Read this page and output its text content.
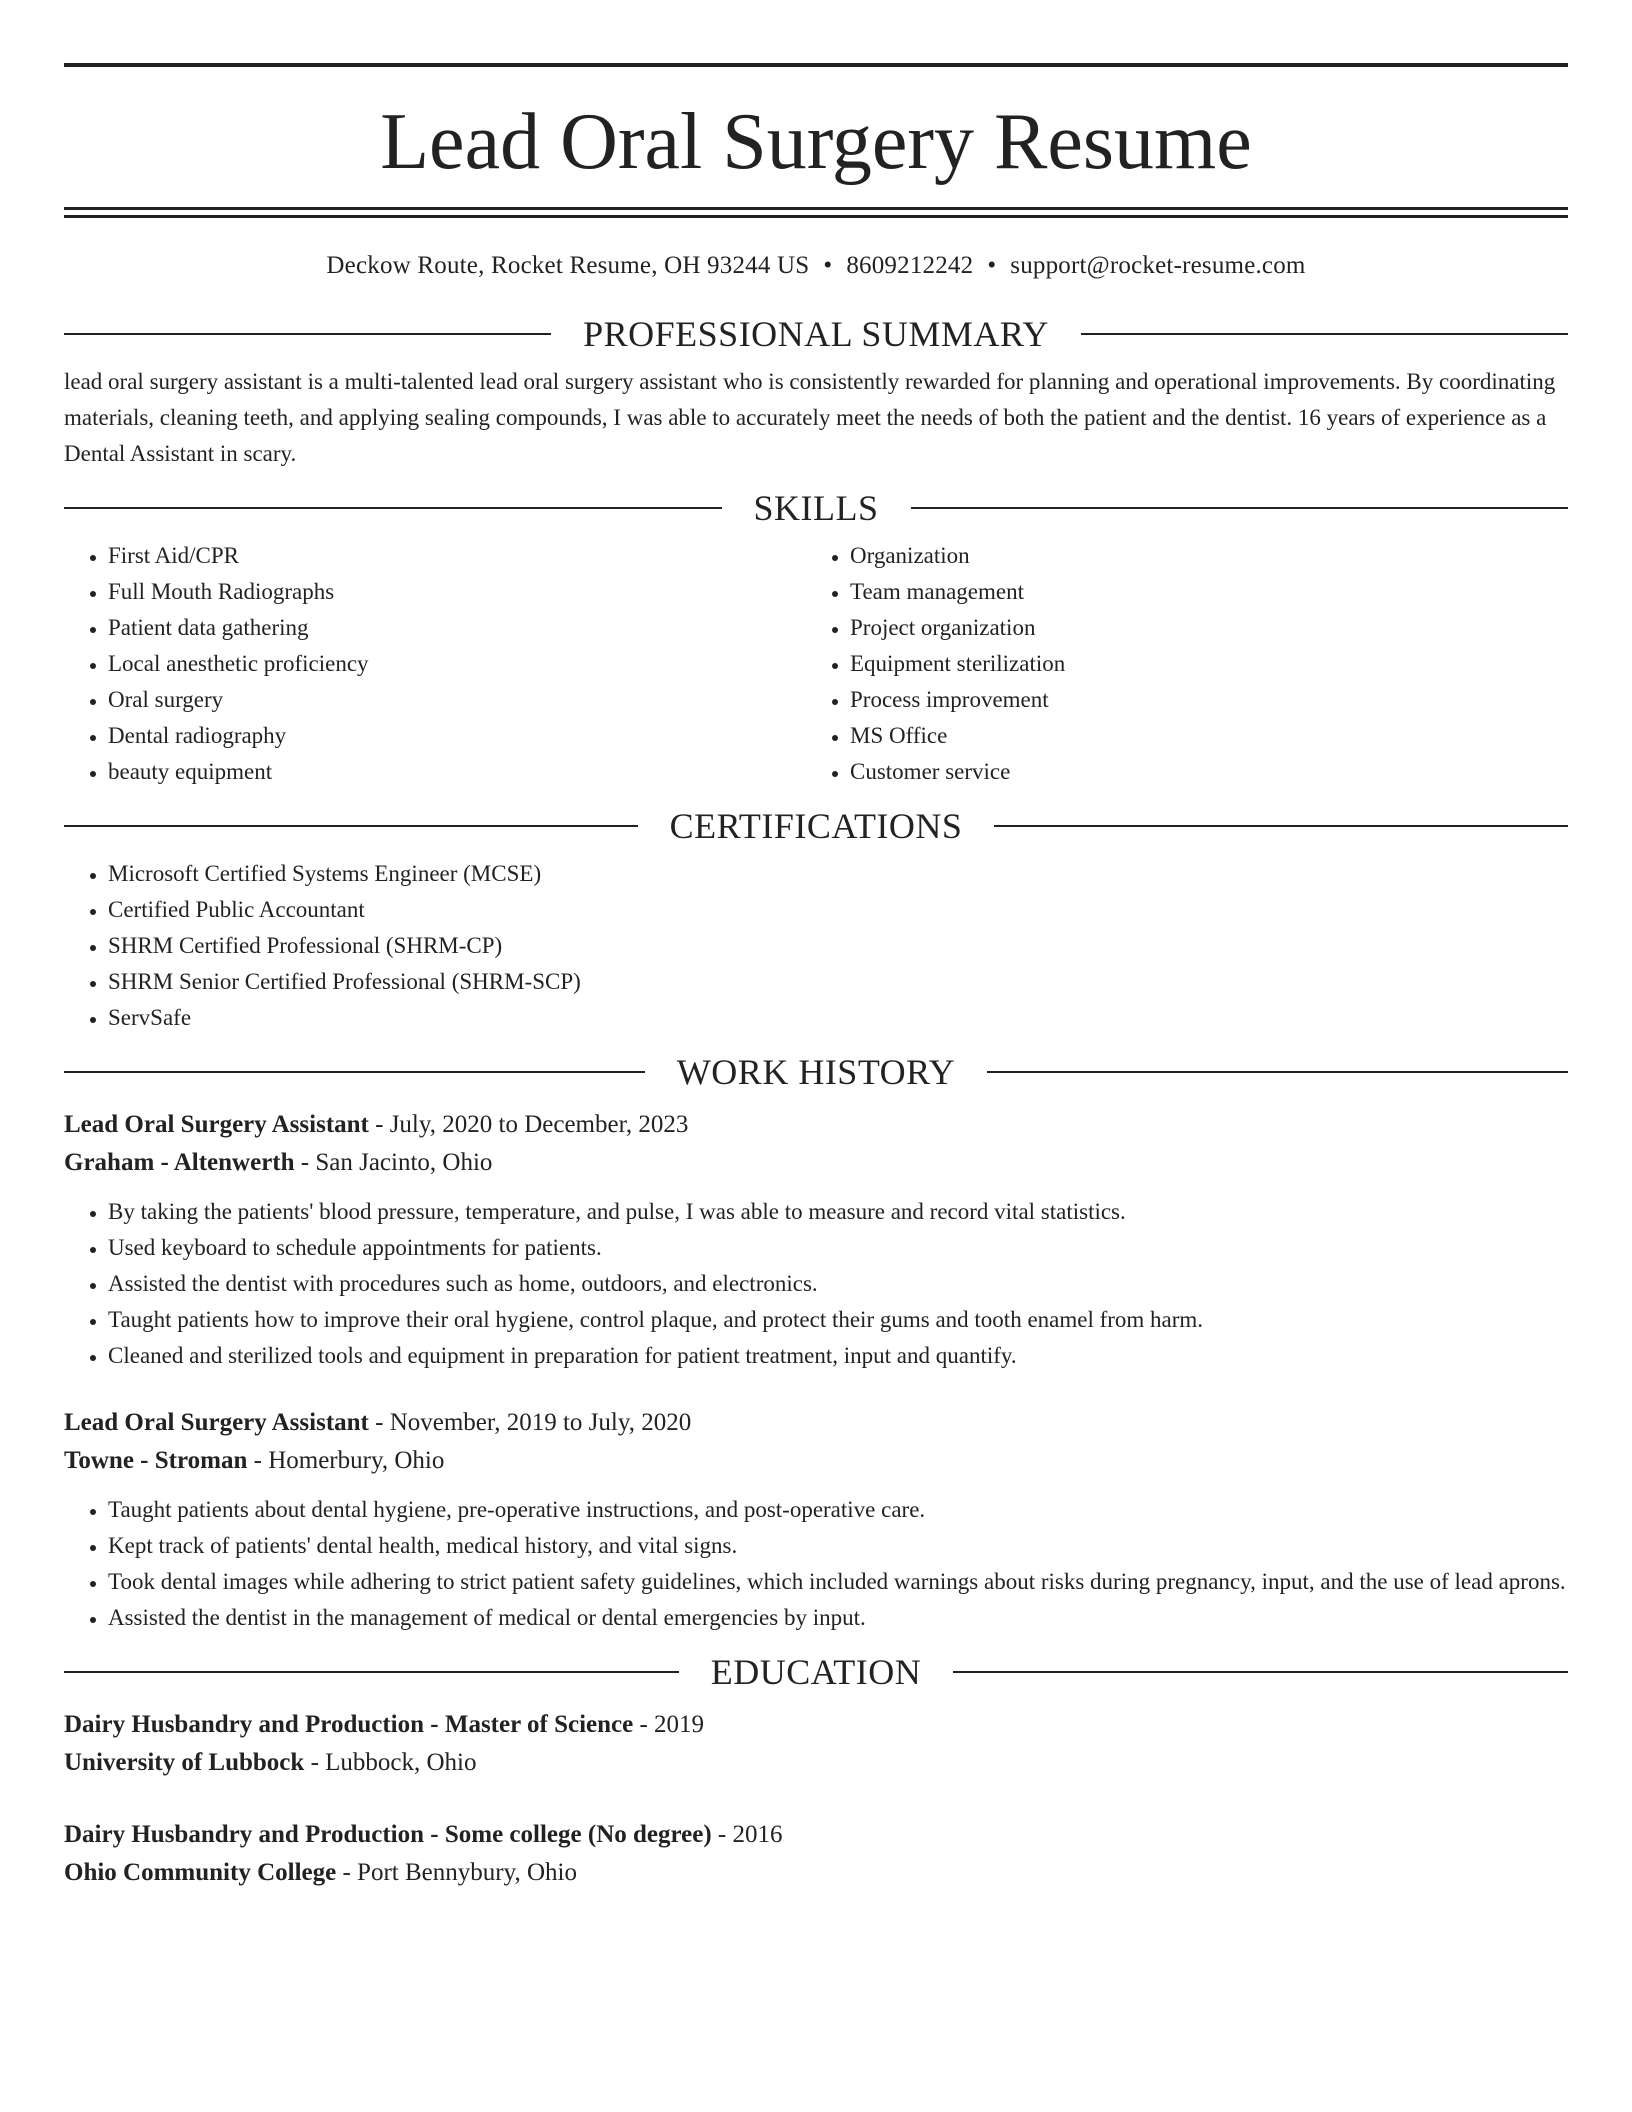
Lead Oral Surgery Resume
Deckow Route, Rocket Resume, OH 93244 US • 8609212242 • support@rocket-resume.com
PROFESSIONAL SUMMARY
lead oral surgery assistant is a multi-talented lead oral surgery assistant who is consistently rewarded for planning and operational improvements. By coordinating materials, cleaning teeth, and applying sealing compounds, I was able to accurately meet the needs of both the patient and the dentist. 16 years of experience as a Dental Assistant in scary.
SKILLS
• First Aid/CPR
• Full Mouth Radiographs
• Patient data gathering
• Local anesthetic proficiency
• Oral surgery
• Dental radiography
• beauty equipment
• Organization
• Team management
• Project organization
• Equipment sterilization
• Process improvement
• MS Office
• Customer service
CERTIFICATIONS
• Microsoft Certified Systems Engineer (MCSE)
• Certified Public Accountant
• SHRM Certified Professional (SHRM-CP)
• SHRM Senior Certified Professional (SHRM-SCP)
• ServSafe
WORK HISTORY
Lead Oral Surgery Assistant - July, 2020 to December, 2023
Graham - Altenwerth - San Jacinto, Ohio
• By taking the patients' blood pressure, temperature, and pulse, I was able to measure and record vital statistics.
• Used keyboard to schedule appointments for patients.
• Assisted the dentist with procedures such as home, outdoors, and electronics.
• Taught patients how to improve their oral hygiene, control plaque, and protect their gums and tooth enamel from harm.
• Cleaned and sterilized tools and equipment in preparation for patient treatment, input and quantify.
Lead Oral Surgery Assistant - November, 2019 to July, 2020
Towne - Stroman - Homerbury, Ohio
• Taught patients about dental hygiene, pre-operative instructions, and post-operative care.
• Kept track of patients' dental health, medical history, and vital signs.
• Took dental images while adhering to strict patient safety guidelines, which included warnings about risks during pregnancy, input, and the use of lead aprons.
• Assisted the dentist in the management of medical or dental emergencies by input.
EDUCATION
Dairy Husbandry and Production - Master of Science - 2019
University of Lubbock - Lubbock, Ohio
Dairy Husbandry and Production - Some college (No degree) - 2016
Ohio Community College - Port Bennybury, Ohio
